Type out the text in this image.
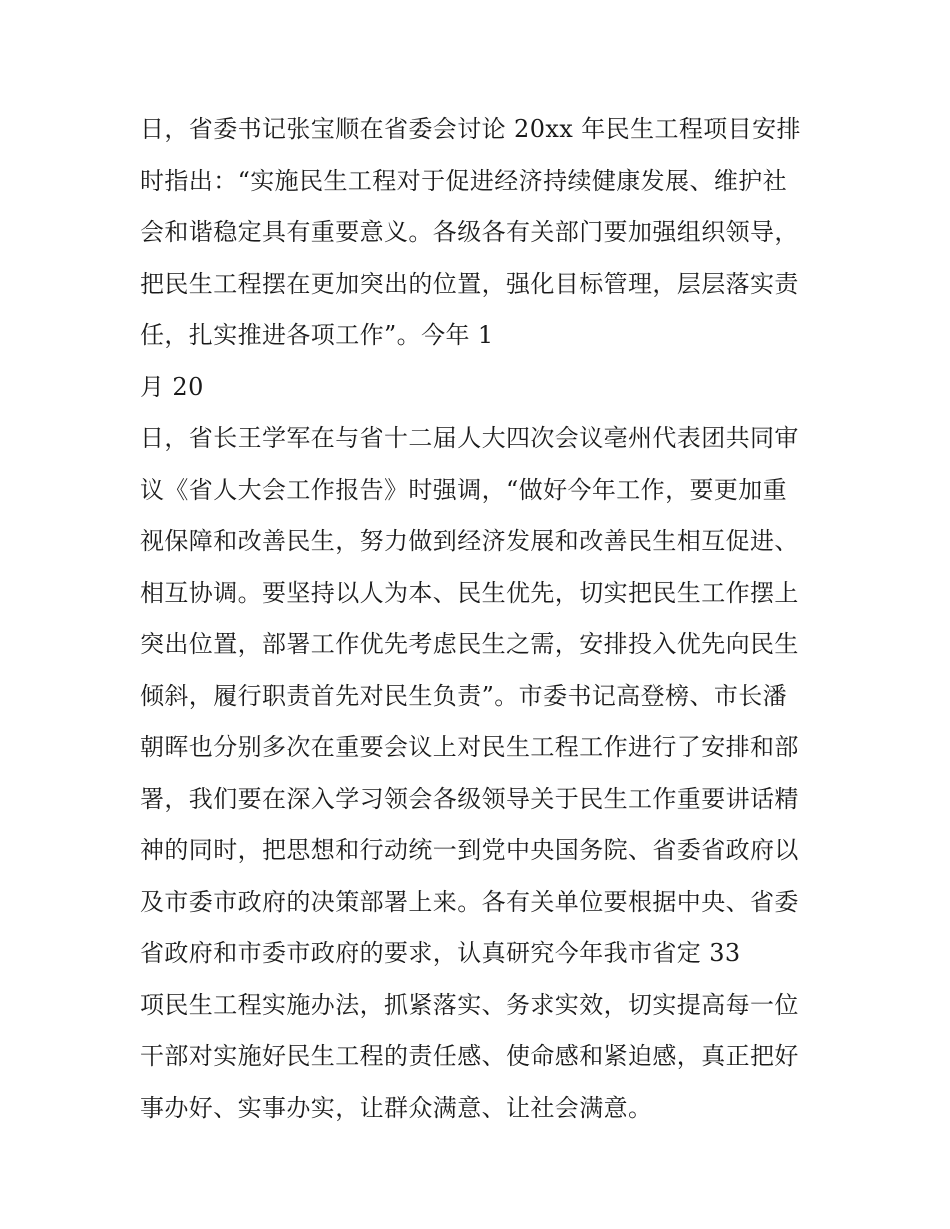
日，省委书记张宝顺在省委会讨论 20xx 年民生工程项目安排
时指出：“实施民生工程对于促进经济持续健康发展、维护社
会和谐稳定具有重要意义。各级各有关部门要加强组织领导，
把民生工程摆在更加突出的位置，强化目标管理，层层落实责
任，扎实推进各项工作”。今年 1
月 20
日，省长王学军在与省十二届人大四次会议亳州代表团共同审
议《省人大会工作报告》时强调，“做好今年工作，要更加重
视保障和改善民生，努力做到经济发展和改善民生相互促进、
相互协调。要坚持以人为本、民生优先，切实把民生工作摆上
突出位置，部署工作优先考虑民生之需，安排投入优先向民生
倾斜，履行职责首先对民生负责”。市委书记高登榜、市长潘
朝晖也分别多次在重要会议上对民生工程工作进行了安排和部
署，我们要在深入学习领会各级领导关于民生工作重要讲话精
神的同时，把思想和行动统一到党中央国务院、省委省政府以
及市委市政府的决策部署上来。各有关单位要根据中央、省委
省政府和市委市政府的要求，认真研究今年我市省定 33
项民生工程实施办法，抓紧落实、务求实效，切实提高每一位
干部对实施好民生工程的责任感、使命感和紧迫感，真正把好
事办好、实事办实，让群众满意、让社会满意。
